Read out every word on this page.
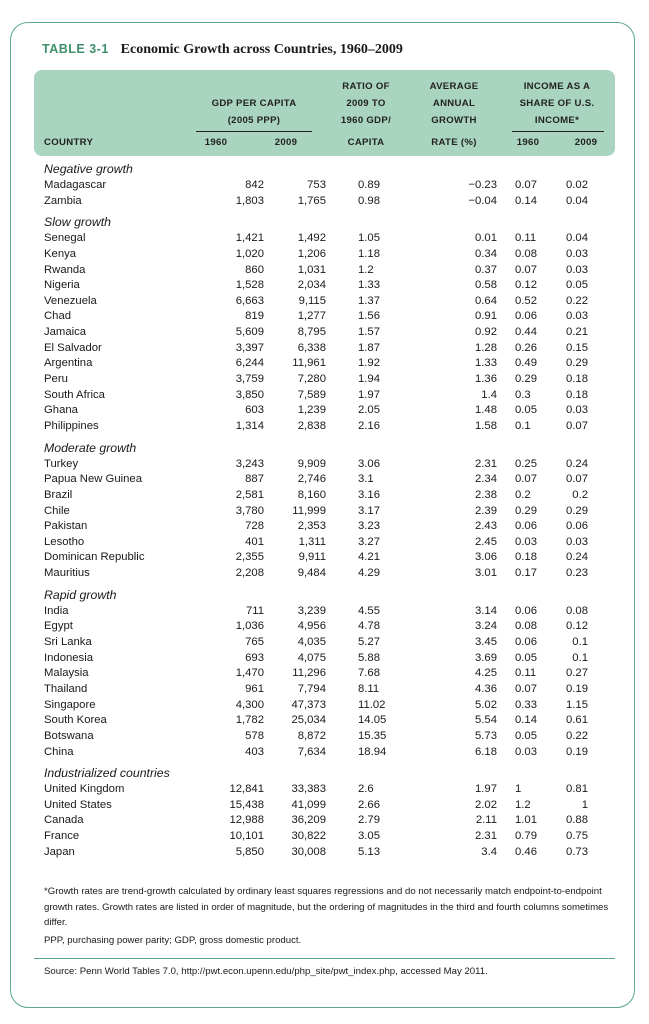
TABLE 3-1 Economic Growth across Countries, 1960–2009
COUNTRY
GDP PER CAPITA
(2005 PPP)
1960	2009
RATIO OF
2009 TO
1960 GDP/
CAPITA
AVERAGE
ANNUAL
GROWTH
RATE (%)
INCOME AS A
SHARE OF U.S.
INCOME*
1960	2009
Negative growth
Madagascar	842	753	0.89	−0.23 0.07	0.02
Zambia	1,803	1,765	0.98	−0.04 0.14	0.04
Slow growth
Senegal	1,421	1,492	1.05	0.01 0.11	0.04
Kenya	1,020	1,206	1.18	0.34 0.08	0.03
Rwanda	860	1,031	1.2	0.37 0.07	0.03
Nigeria	1,528	2,034	1.33	0.58 0.12	0.05
Venezuela	6,663	9,115	1.37	0.64 0.52	0.22
Chad	819	1,277	1.56	0.91 0.06	0.03
Jamaica	5,609	8,795	1.57	0.92 0.44	0.21
El Salvador	3,397	6,338	1.87	1.28 0.26	0.15
Argentina	6,244	11,961	1.92	1.33 0.49	0.29
Peru	3,759	7,280	1.94	1.36 0.29	0.18
South Africa	3,850	7,589	1.97	1.4 0.3	0.18
Ghana	603	1,239	2.05	1.48 0.05	0.03
Philippines	1,314	2,838	2.16	1.58 0.1	0.07
Moderate growth
Turkey	3,243	9,909	3.06	2.31 0.25	0.24
Papua New Guinea	887	2,746	3.1	2.34 0.07	0.07
Brazil	2,581	8,160	3.16	2.38 0.2	0.2
Chile	3,780	11,999	3.17	2.39 0.29	0.29
Pakistan	728	2,353	3.23	2.43 0.06	0.06
Lesotho	401	1,311	3.27	2.45 0.03	0.03
Dominican Republic	2,355	9,911	4.21	3.06 0.18	0.24
Mauritius	2,208	9,484	4.29	3.01 0.17	0.23
Rapid growth
India	711	3,239	4.55	3.14 0.06	0.08
Egypt	1,036	4,956	4.78	3.24 0.08	0.12
Sri Lanka	765	4,035	5.27	3.45 0.06	0.1
Indonesia	693	4,075	5.88	3.69 0.05	0.1
Malaysia	1,470	11,296	7.68	4.25 0.11	0.27
Thailand	961	7,794	8.11	4.36 0.07	0.19
Singapore	4,300 47,373	11.02	5.02 0.33	1.15
South Korea	1,782 25,034	14.05	5.54 0.14	0.61
Botswana	578	8,872	15.35	5.73 0.05	0.22
China	403	7,634	18.94	6.18 0.03	0.19
Industrialized countries
United Kingdom	12,841 33,383	2.6	1.97 1	0.81
United States	15,438 41,099	2.66	2.02 1.2	1
Canada	12,988 36,209	2.79	2.11 1.01	0.88
France	10,101 30,822	3.05	2.31 0.79	0.75
Japan	5,850 30,008	5.13	3.4 0.46	0.73

*Growth rates are trend-growth calculated by ordinary least squares regressions and do not necessarily match endpoint-to-endpoint growth rates. Growth rates are listed in order of magnitude, but the ordering of magnitudes in the third and fourth columns sometimes differ.

PPP, purchasing power parity; GDP, gross domestic product.

Source: Penn World Tables 7.0, http://pwt.econ.upenn.edu/php_site/pwt_index.php, accessed May 2011.
